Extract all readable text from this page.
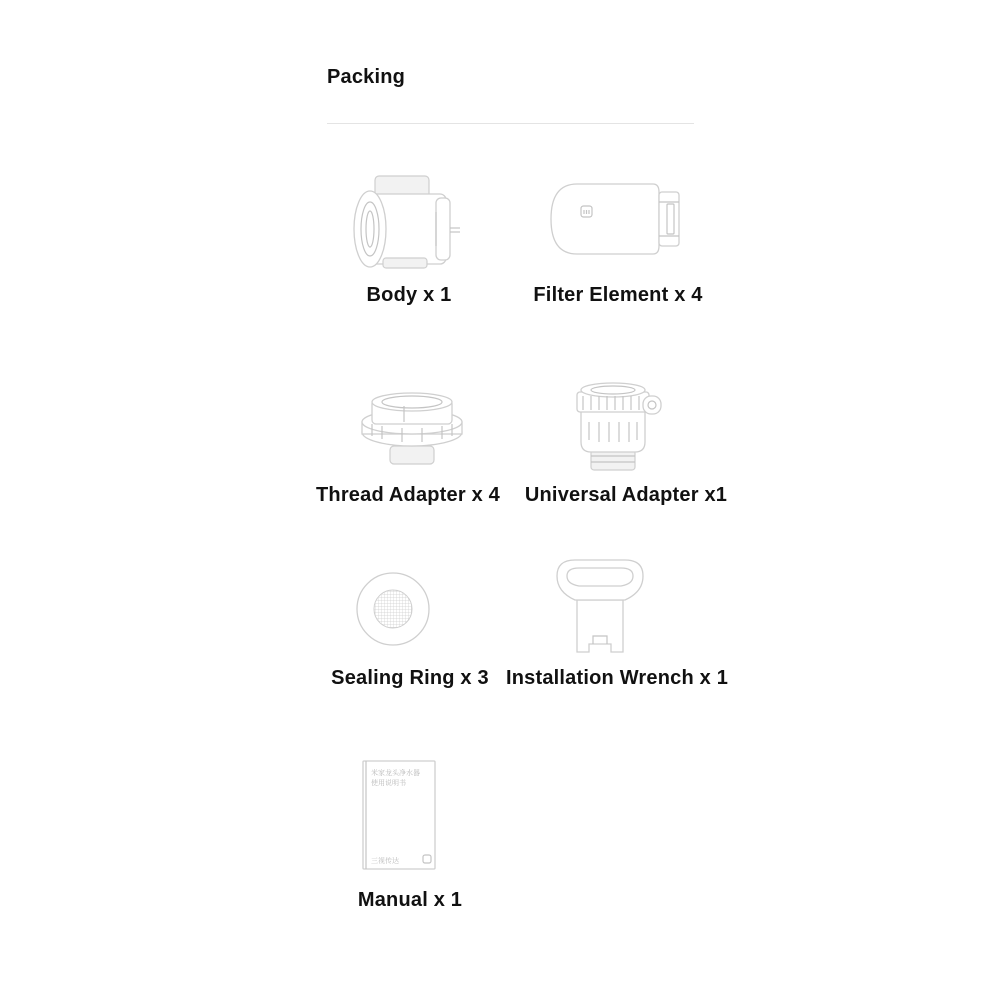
Packing
Body x 1	Filter Element x 4
Thread Adapter x 4	Universal Adapter x1
Sealing Ring x 3 Installation Wrench x 1
米家龙头净水器
使用说明书
三视传达
Manual x 1
